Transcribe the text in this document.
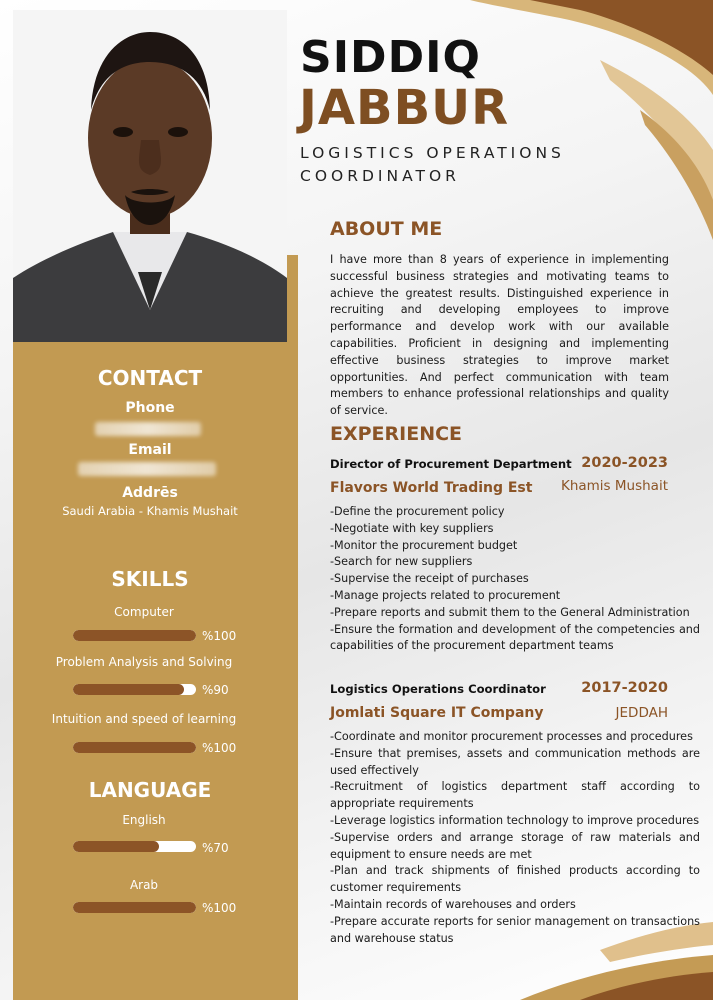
CONTACT
Phone
Email
Addrēs
Saudi Arabia - Khamis Mushait
SKILLS
Computer
%100
Problem Analysis and Solving
%90
Intuition and speed of learning
%100
LANGUAGE
English
%70
Arab
%100
SIDDIQ
JABBUR
LOGISTICS OPERATIONS COORDINATOR
ABOUT ME
I have more than 8 years of experience in implementing successful business strategies and motivating teams to achieve the greatest results. Distinguished experience in recruiting and developing employees to improve performance and develop work with our available capabilities. Proficient in designing and implementing effective business strategies to improve market opportunities. And perfect communication with team members to enhance professional relationships and quality of service.
EXPERIENCE
Director of Procurement Department 2020-2023
Flavors World Trading Est Khamis Mushait
-Define the procurement policy
-Negotiate with key suppliers
-Monitor the procurement budget
-Search for new suppliers
-Supervise the receipt of purchases
-Manage projects related to procurement
-Prepare reports and submit them to the General Administration
-Ensure the formation and development of the competencies and capabilities of the procurement department teams
Logistics Operations Coordinator 2017-2020
Jomlati Square IT Company	JEDDAH
-Coordinate and monitor procurement processes and procedures
-Ensure that premises, assets and communication methods are used effectively
-Recruitment of logistics department staff according to appropriate requirements
-Leverage logistics information technology to improve procedures
-Supervise orders and arrange storage of raw materials and equipment to ensure needs are met
-Plan and track shipments of finished products according to customer requirements
-Maintain records of warehouses and orders
-Prepare accurate reports for senior management on transactions and warehouse status
